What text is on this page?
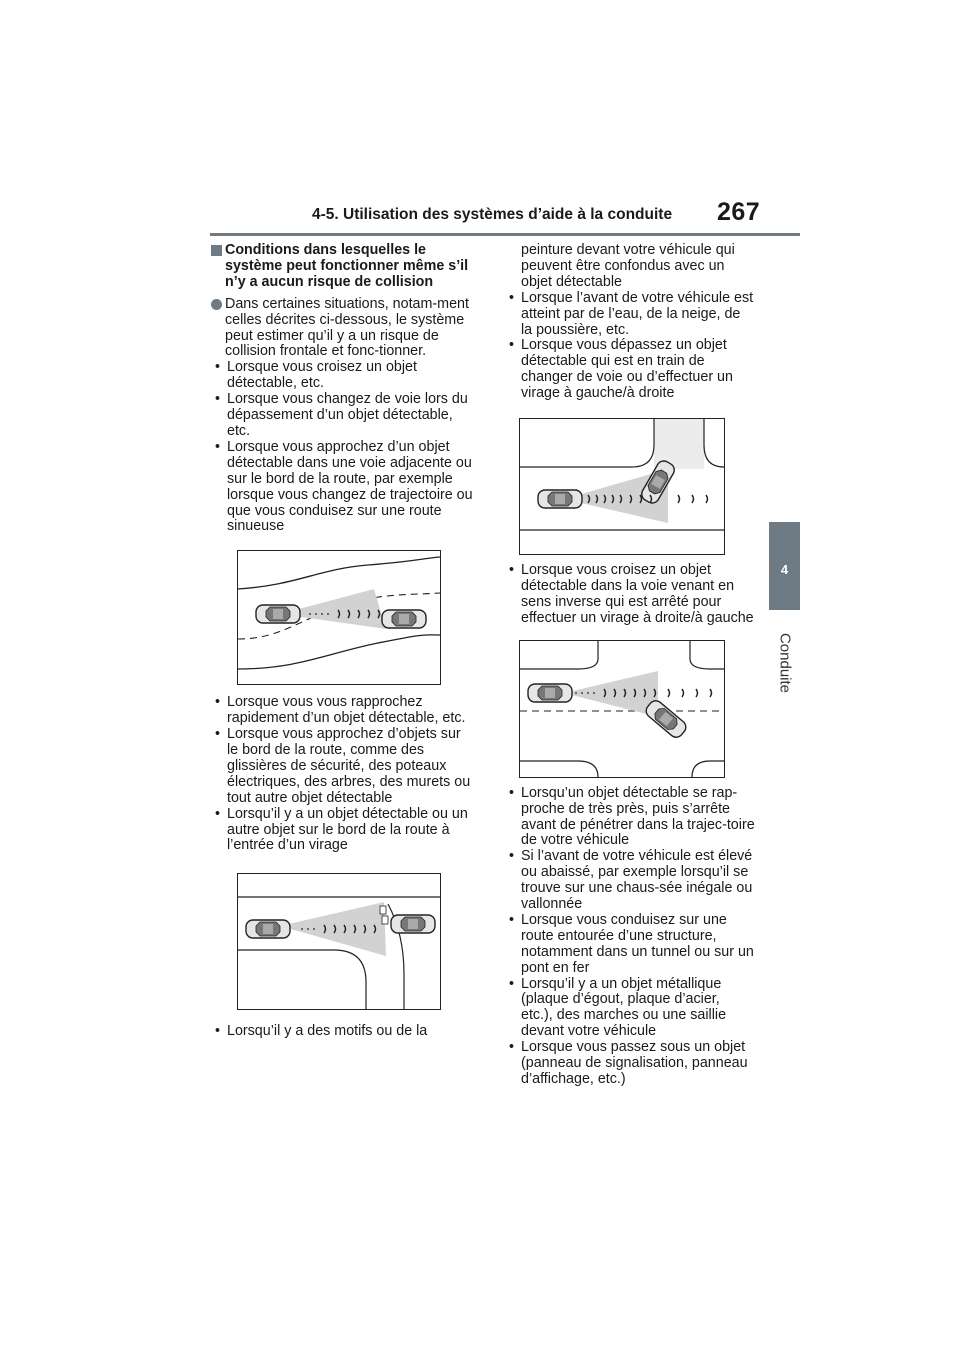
4-5. Utilisation des systèmes d’aide à la conduite 267
4
Conduite
Conditions dans lesquelles le système peut fonctionner même s’il n’y a aucun risque de collision
Dans certaines situations, notam-ment celles décrites ci-dessous, le système peut estimer qu’il y a un risque de collision frontale et fonc-tionner.
• Lorsque vous croisez un objet détectable, etc.
• Lorsque vous changez de voie lors du dépassement d’un objet détectable, etc.
• Lorsque vous approchez d’un objet détectable dans une voie adjacente ou sur le bord de la route, par exemple lorsque vous changez de trajectoire ou que vous conduisez sur une route sinueuse
• Lorsque vous vous rapprochez rapidement d’un objet détectable, etc.
• Lorsque vous approchez d’objets sur le bord de la route, comme des glissières de sécurité, des poteaux électriques, des arbres, des murets ou tout autre objet détectable
• Lorsqu’il y a un objet détectable ou un autre objet sur le bord de la route à l’entrée d’un virage
• Lorsqu’il y a des motifs ou de la
peinture devant votre véhicule qui peuvent être confondus avec un objet détectable
• Lorsque l’avant de votre véhicule est atteint par de l’eau, de la neige, de la poussière, etc.
• Lorsque vous dépassez un objet détectable qui est en train de changer de voie ou d’effectuer un virage à gauche/à droite
• Lorsque vous croisez un objet détectable dans la voie venant en sens inverse qui est arrêté pour effectuer un virage à droite/à gauche
• Lorsqu’un objet détectable se rap-proche de très près, puis s’arrête avant de pénétrer dans la trajec-toire de votre véhicule
• Si l’avant de votre véhicule est élevé ou abaissé, par exemple lorsqu’il se trouve sur une chaus-sée inégale ou vallonnée
• Lorsque vous conduisez sur une route entourée d’une structure, notamment dans un tunnel ou sur un pont en fer
• Lorsqu’il y a un objet métallique (plaque d’égout, plaque d’acier, etc.), des marches ou une saillie devant votre véhicule
• Lorsque vous passez sous un objet (panneau de signalisation, panneau d’affichage, etc.)
